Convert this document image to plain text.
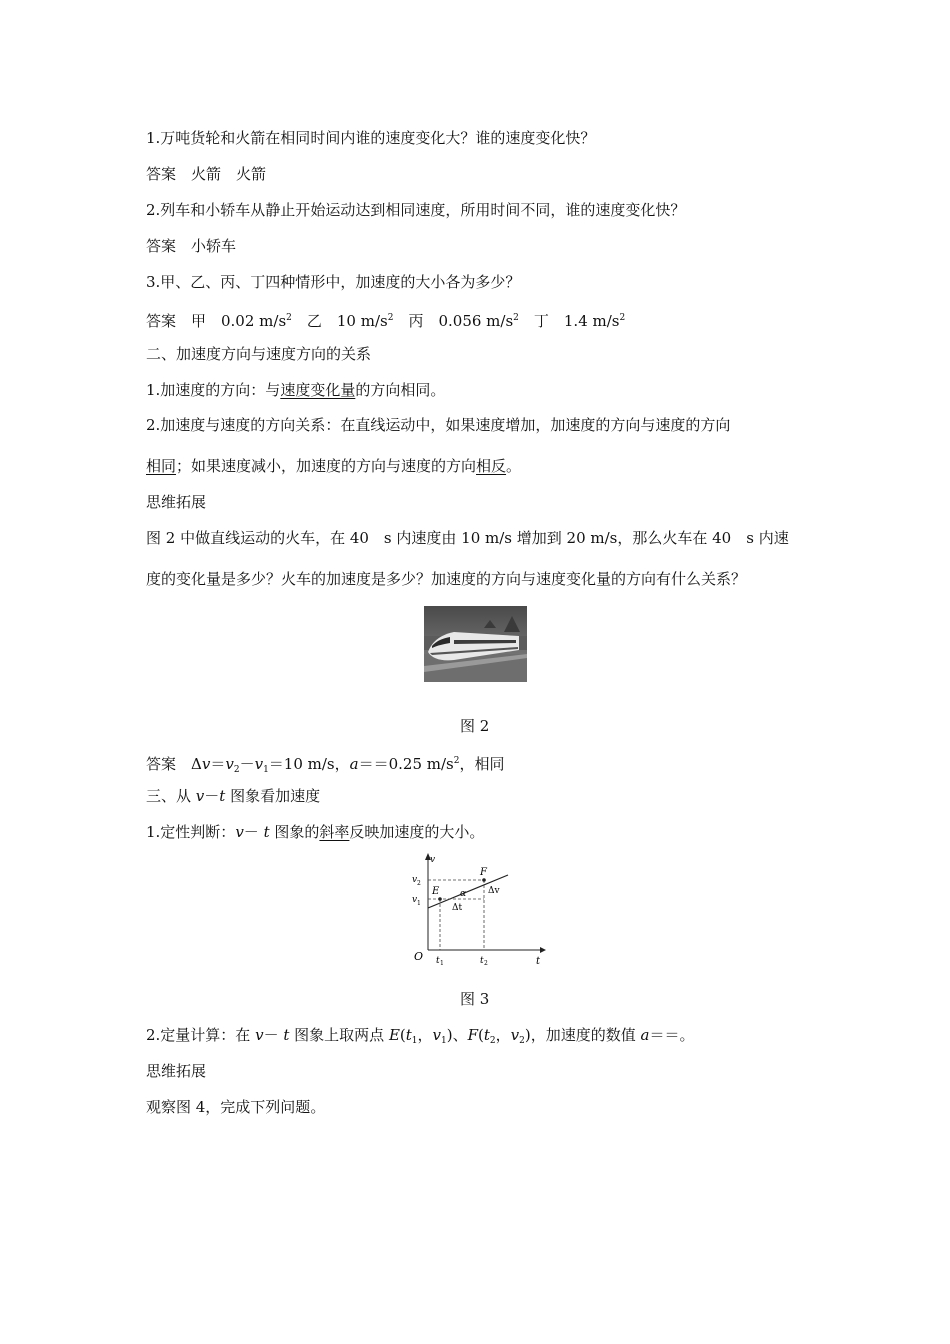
1.万吨货轮和火箭在相同时间内谁的速度变化大？谁的速度变化快？
答案　火箭　火箭
2.列车和小轿车从静止开始运动达到相同速度，所用时间不同，谁的速度变化快？
答案　小轿车
3.甲、乙、丙、丁四种情形中，加速度的大小各为多少？
答案　甲　0.02 $m/s^2$　乙　10 $m/s^2$　丙　0.056 $m/s^2$　丁　1.4 $m/s^2$
二、加速度方向与速度方向的关系
1.加速度的方向：与速度变化量的方向相同。
2.加速度与速度的方向关系：在直线运动中，如果速度增加，加速度的方向与速度的方向
相同；如果速度减小，加速度的方向与速度的方向相反。
思维拓展
图 2 中做直线运动的火车，在 40　s 内速度由 10 m/s 增加到 20 m/s，那么火车在 40　s 内速
度的变化量是多少？火车的加速度是多少？加速度的方向与速度变化量的方向有什么关系？
图 2
答案　$\Delta v=v_2-v_1=10$ m/s，a＝＝0.25 $m/s^2$，相同
三、从 v－t 图象看加速度
1.定性判断：v－ t 图象的斜率反映加速度的大小。
v
t
O
v 2
v 1
t 1	t 2
E
F
α Δv
Δt
图 3
2.定量计算：在 v－ t 图象上取两点 $E(t_1$，$v_1$)、$F(t_2$，$v_2$)，加速度的数值 a＝＝。
思维拓展
观察图 4，完成下列问题。
